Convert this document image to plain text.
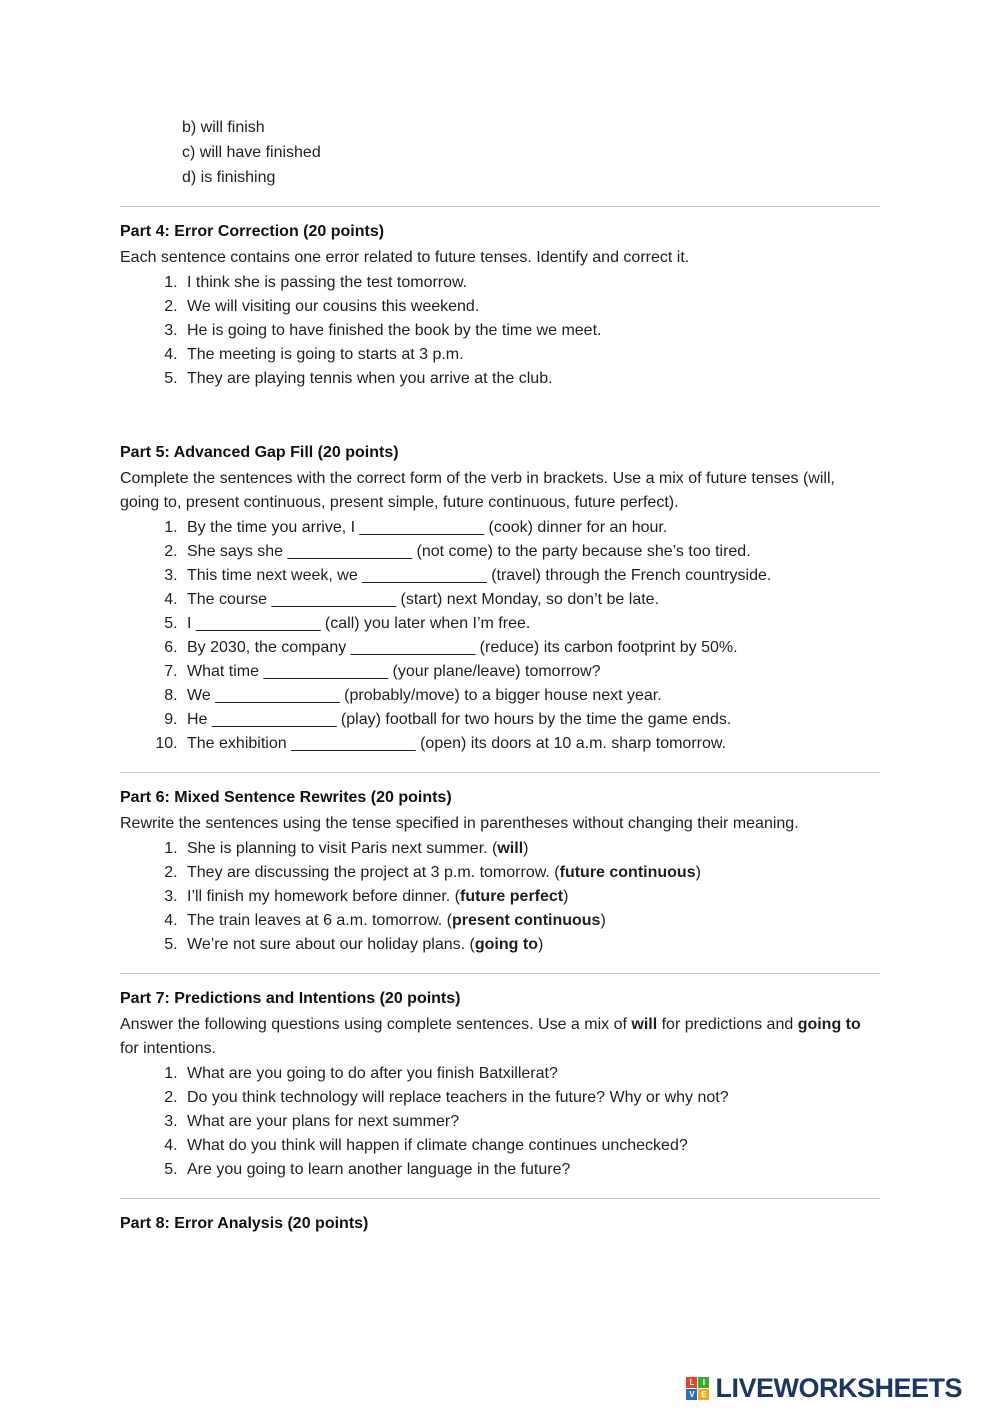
b) will finish
c) will have finished
d) is finishing
Part 4: Error Correction (20 points)

Each sentence contains one error related to future tenses. Identify and correct it.

1. I think she is passing the test tomorrow.
2. We will visiting our cousins this weekend.
3. He is going to have finished the book by the time we meet.
4. The meeting is going to starts at 3 p.m.
5. They are playing tennis when you arrive at the club.
Part 5: Advanced Gap Fill (20 points)

Complete the sentences with the correct form of the verb in brackets. Use a mix of future tenses (will, going to, present continuous, present simple, future continuous, future perfect).

1. By the time you arrive, I ______________ (cook) dinner for an hour.
2. She says she ______________ (not come) to the party because she’s too tired.
3. This time next week, we ______________ (travel) through the French countryside.
4. The course ______________ (start) next Monday, so don’t be late.
5. I ______________ (call) you later when I’m free.
6. By 2030, the company ______________ (reduce) its carbon footprint by 50%.
7. What time ______________ (your plane/leave) tomorrow?
8. We ______________ (probably/move) to a bigger house next year.
9. He ______________ (play) football for two hours by the time the game ends.
10. The exhibition ______________ (open) its doors at 10 a.m. sharp tomorrow.
Part 6: Mixed Sentence Rewrites (20 points)

Rewrite the sentences using the tense specified in parentheses without changing their meaning.

1. She is planning to visit Paris next summer. (will)
2. They are discussing the project at 3 p.m. tomorrow. (future continuous)
3. I’ll finish my homework before dinner. (future perfect)
4. The train leaves at 6 a.m. tomorrow. (present continuous)
5. We’re not sure about our holiday plans. (going to)
Part 7: Predictions and Intentions (20 points)

Answer the following questions using complete sentences. Use a mix of will for predictions and going to for intentions.

1. What are you going to do after you finish Batxillerat?
2. Do you think technology will replace teachers in the future? Why or why not?
3. What are your plans for next summer?
4. What do you think will happen if climate change continues unchecked?
5. Are you going to learn another language in the future?
Part 8: Error Analysis (20 points)
L	I
V E LIVEWORKSHEETS
